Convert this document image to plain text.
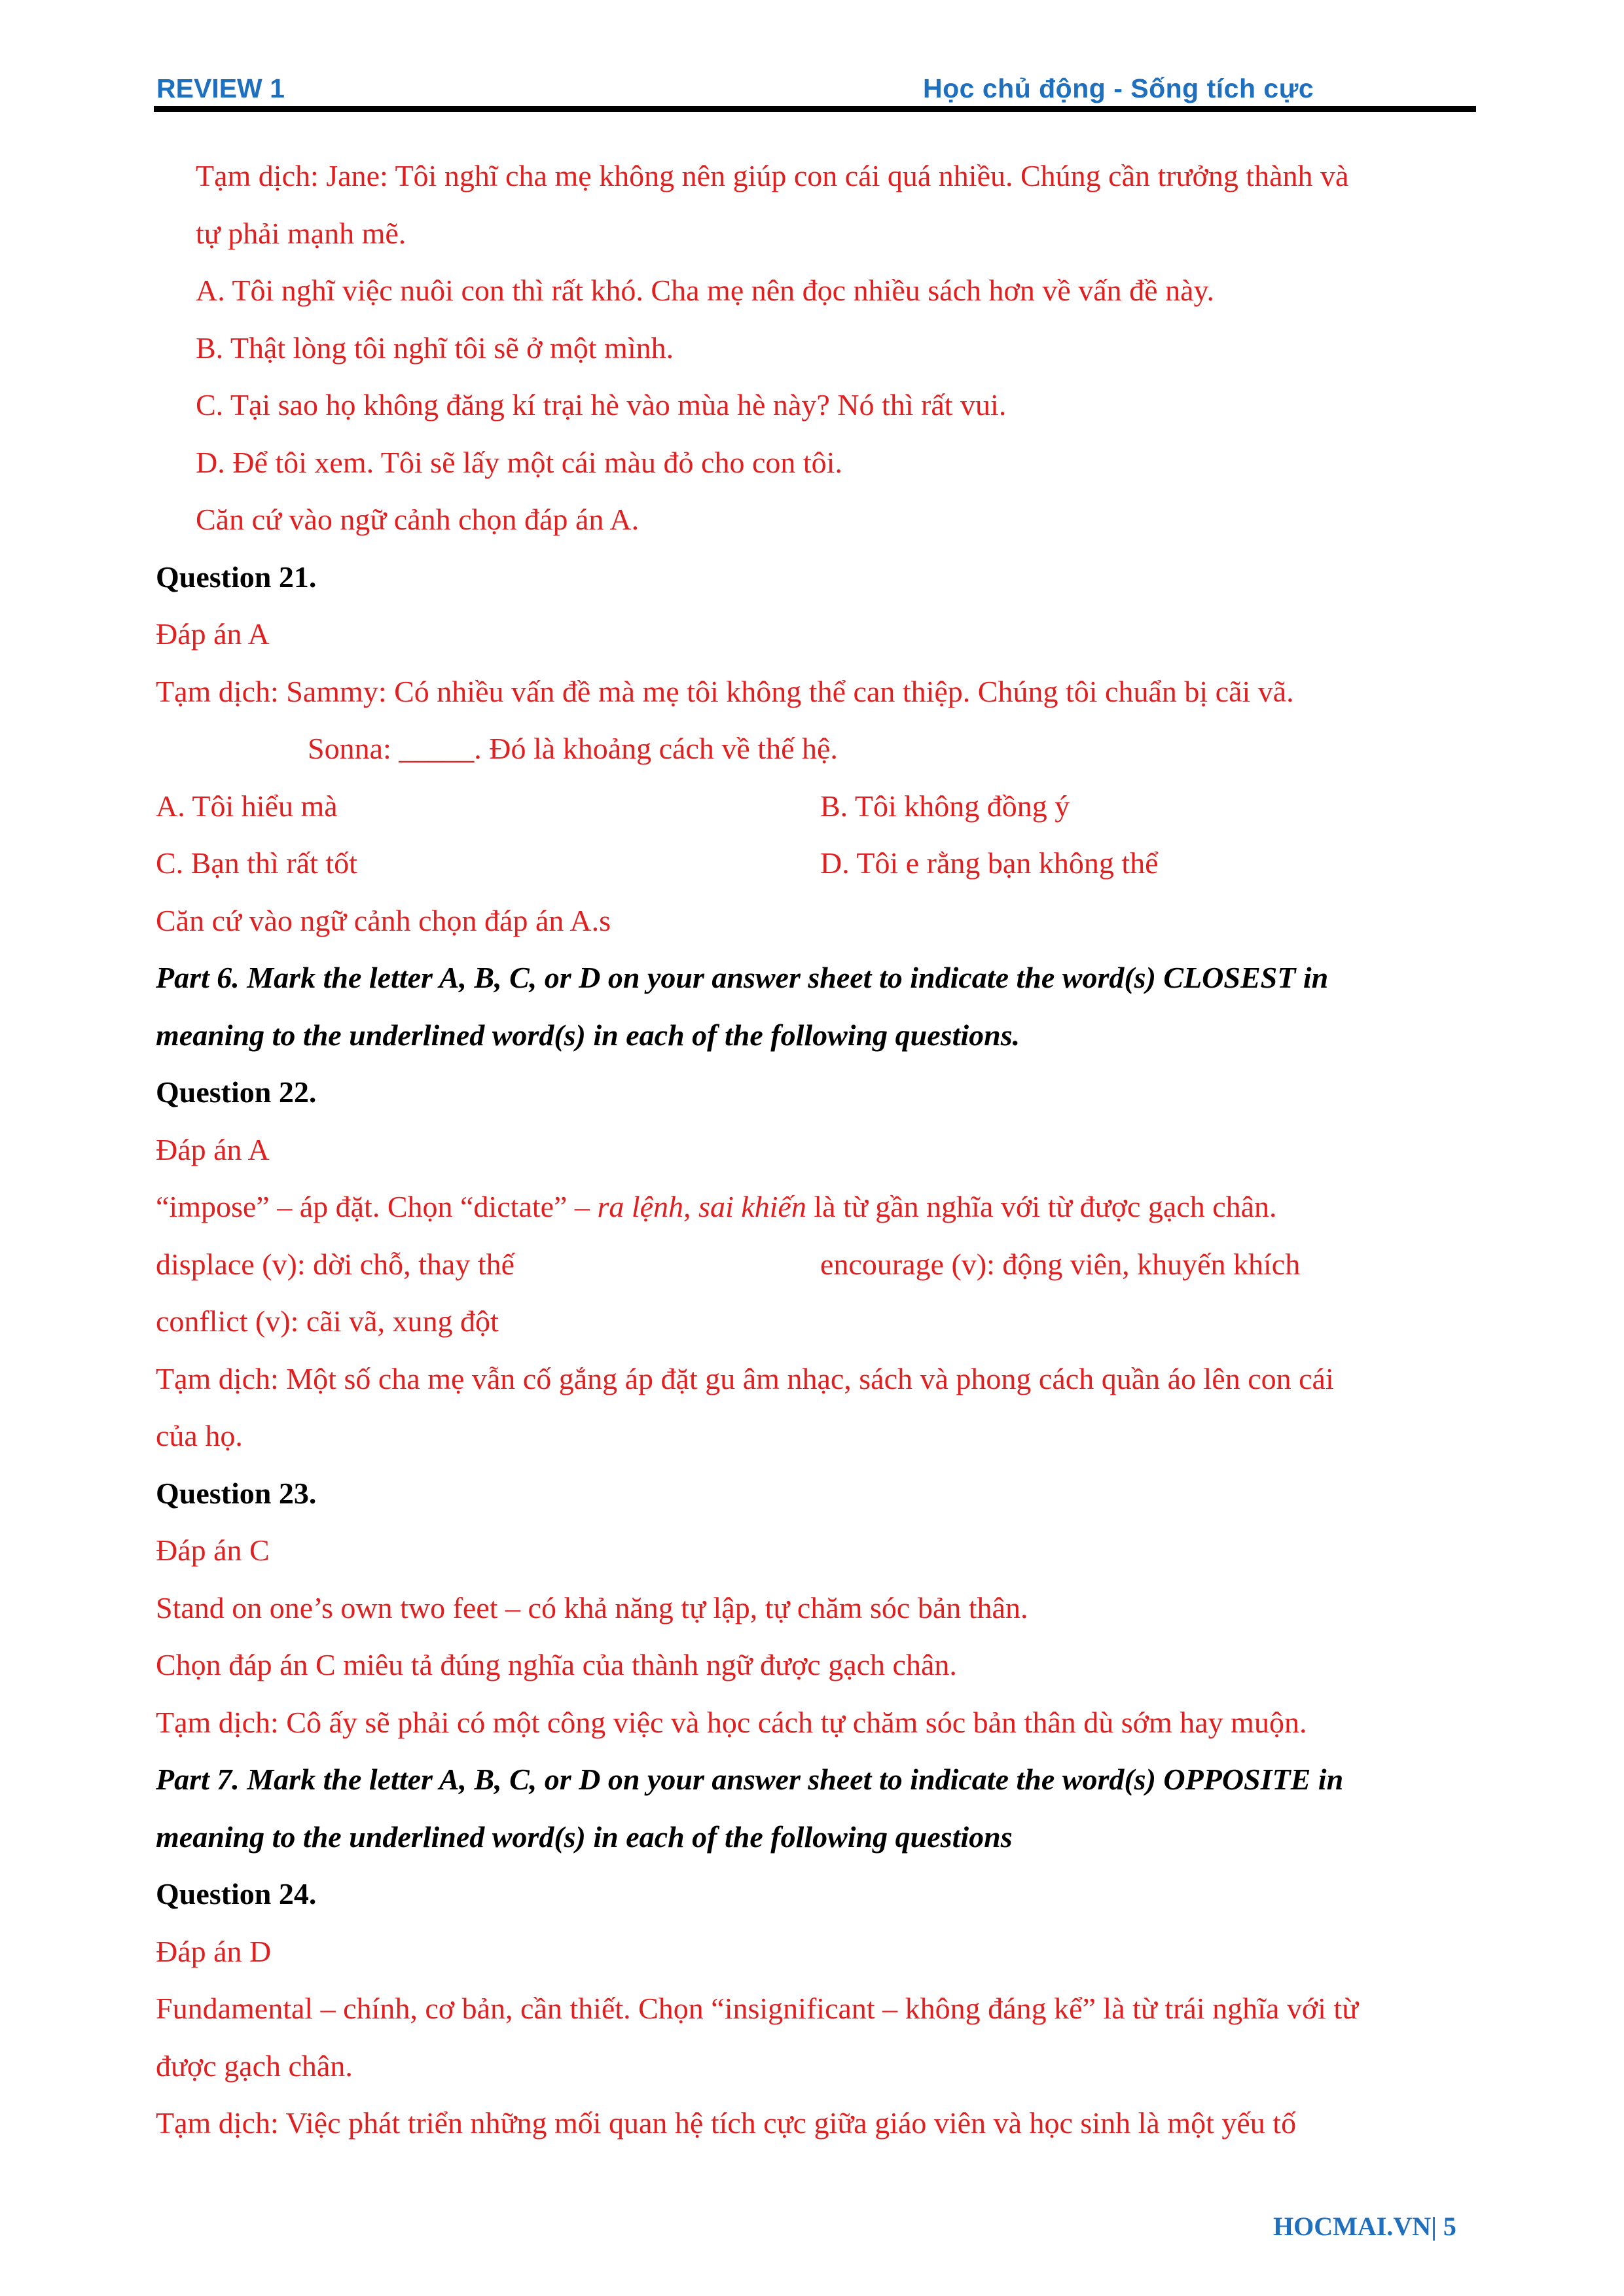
REVIEW 1	Học chủ động - Sống tích cực
Tạm dịch: Jane: Tôi nghĩ cha mẹ không nên giúp con cái quá nhiều. Chúng cần trưởng thành và
tự phải mạnh mẽ.
A. Tôi nghĩ việc nuôi con thì rất khó. Cha mẹ nên đọc nhiều sách hơn về vấn đề này.
B. Thật lòng tôi nghĩ tôi sẽ ở một mình.
C. Tại sao họ không đăng kí trại hè vào mùa hè này? Nó thì rất vui.
D. Để tôi xem. Tôi sẽ lấy một cái màu đỏ cho con tôi.
Căn cứ vào ngữ cảnh chọn đáp án A.
Question 21.
Đáp án A
Tạm dịch: Sammy: Có nhiều vấn đề mà mẹ tôi không thể can thiệp. Chúng tôi chuẩn bị cãi vã.
Sonna: _____. Đó là khoảng cách về thế hệ.
A. Tôi hiểu mà	B. Tôi không đồng ý
C. Bạn thì rất tốt	D. Tôi e rằng bạn không thể
Căn cứ vào ngữ cảnh chọn đáp án A.s
Part 6. Mark the letter A, B, C, or D on your answer sheet to indicate the word(s) CLOSEST in
meaning to the underlined word(s) in each of the following questions.
Question 22.
Đáp án A
“impose” – áp đặt. Chọn “dictate” – ra lệnh, sai khiến là từ gần nghĩa với từ được gạch chân.
displace (v): dời chỗ, thay thế	encourage (v): động viên, khuyến khích
conflict (v): cãi vã, xung đột
Tạm dịch: Một số cha mẹ vẫn cố gắng áp đặt gu âm nhạc, sách và phong cách quần áo lên con cái
của họ.
Question 23.
Đáp án C
Stand on one’s own two feet – có khả năng tự lập, tự chăm sóc bản thân.
Chọn đáp án C miêu tả đúng nghĩa của thành ngữ được gạch chân.
Tạm dịch: Cô ấy sẽ phải có một công việc và học cách tự chăm sóc bản thân dù sớm hay muộn.
Part 7. Mark the letter A, B, C, or D on your answer sheet to indicate the word(s) OPPOSITE in
meaning to the underlined word(s) in each of the following questions
Question 24.
Đáp án D
Fundamental – chính, cơ bản, cần thiết. Chọn “insignificant – không đáng kể” là từ trái nghĩa với từ
được gạch chân.
Tạm dịch: Việc phát triển những mối quan hệ tích cực giữa giáo viên và học sinh là một yếu tố
HOCMAI.VN| 5
